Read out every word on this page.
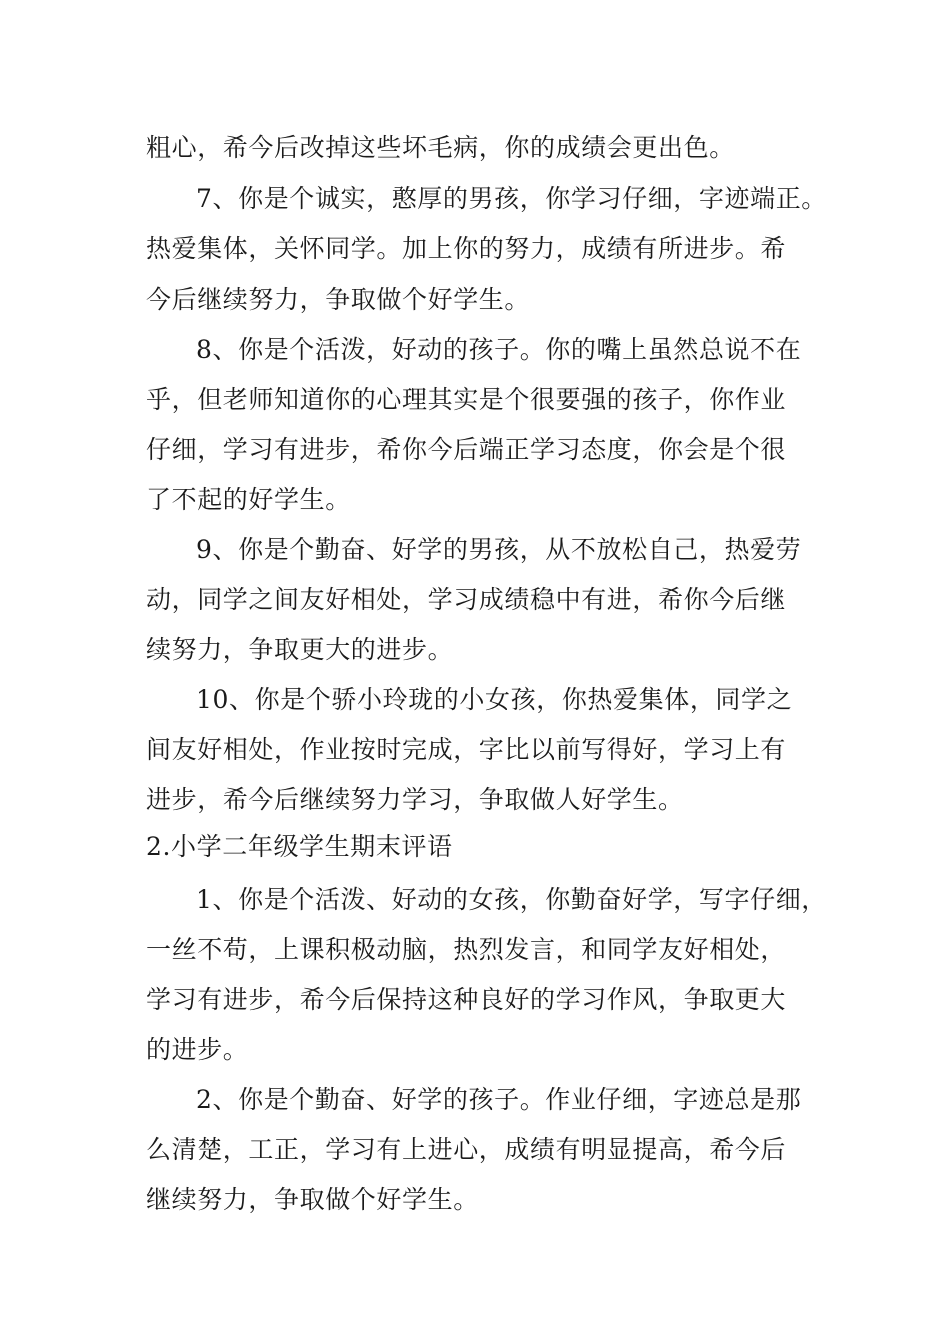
粗心，希今后改掉这些坏毛病，你的成绩会更出色。
7、你是个诚实，憨厚的男孩，你学习仔细，字迹端正。
热爱集体，关怀同学。加上你的努力，成绩有所进步。希
今后继续努力，争取做个好学生。
8、你是个活泼，好动的孩子。你的嘴上虽然总说不在
乎，但老师知道你的心理其实是个很要强的孩子，你作业
仔细，学习有进步，希你今后端正学习态度，你会是个很
了不起的好学生。
9、你是个勤奋、好学的男孩，从不放松自己，热爱劳
动，同学之间友好相处，学习成绩稳中有进，希你今后继
续努力，争取更大的进步。
10、你是个骄小玲珑的小女孩，你热爱集体，同学之
间友好相处，作业按时完成，字比以前写得好，学习上有
进步，希今后继续努力学习，争取做人好学生。
2.小学二年级学生期末评语
1、你是个活泼、好动的女孩，你勤奋好学，写字仔细，
一丝不苟，上课积极动脑，热烈发言，和同学友好相处，
学习有进步，希今后保持这种良好的学习作风，争取更大
的进步。
2、你是个勤奋、好学的孩子。作业仔细，字迹总是那
么清楚，工正，学习有上进心，成绩有明显提高，希今后
继续努力，争取做个好学生。
